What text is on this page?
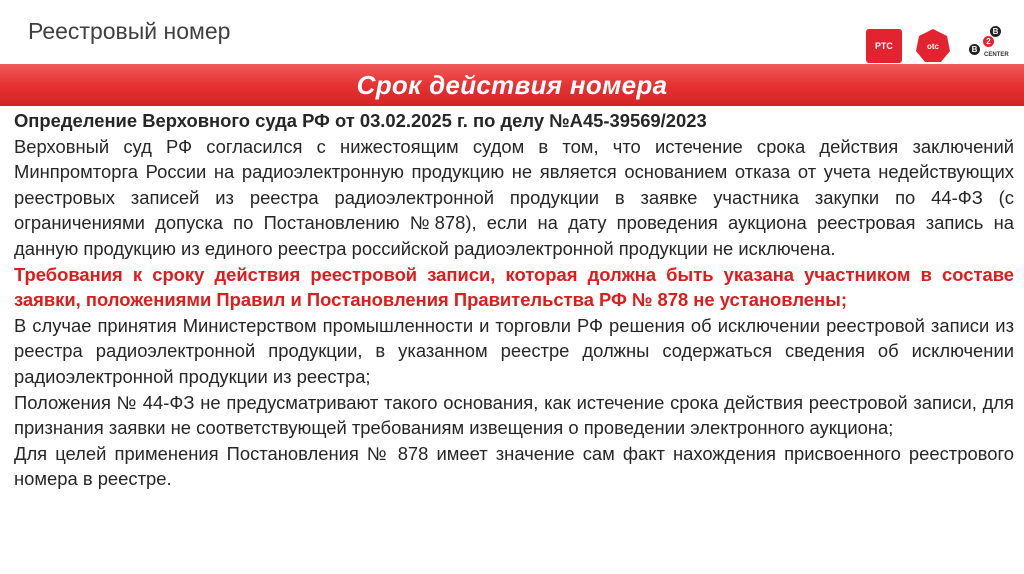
Реестровый номер
РТС	otc
B
2
B
CENTER
Срок действия номера

Определение Верховного суда РФ от 03.02.2025 г. по делу №А45-39569/2023

Верховный суд РФ согласился с нижестоящим судом в том, что истечение срока действия заключений Минпромторга России на радиоэлектронную продукцию не является основанием отказа от учета недействующих реестровых записей из реестра радиоэлектронной продукции в заявке участника закупки по 44-ФЗ (с ограничениями допуска по Постановлению №878), если на дату проведения аукциона реестровая запись на данную продукцию из единого реестра российской радиоэлектронной продукции не исключена.

Требования к сроку действия реестровой записи, которая должна быть указана участником в составе заявки, положениями Правил и Постановления Правительства РФ № 878 не установлены;

В случае принятия Министерством промышленности и торговли РФ решения об исключении реестровой записи из реестра радиоэлектронной продукции, в указанном реестре должны содержаться сведения об исключении радиоэлектронной продукции из реестра;

Положения № 44-ФЗ не предусматривают такого основания, как истечение срока действия реестровой записи, для признания заявки не соответствующей требованиям извещения о проведении электронного аукциона;

Для целей применения Постановления № 878 имеет значение сам факт нахождения присвоенного реестрового номера в реестре.
